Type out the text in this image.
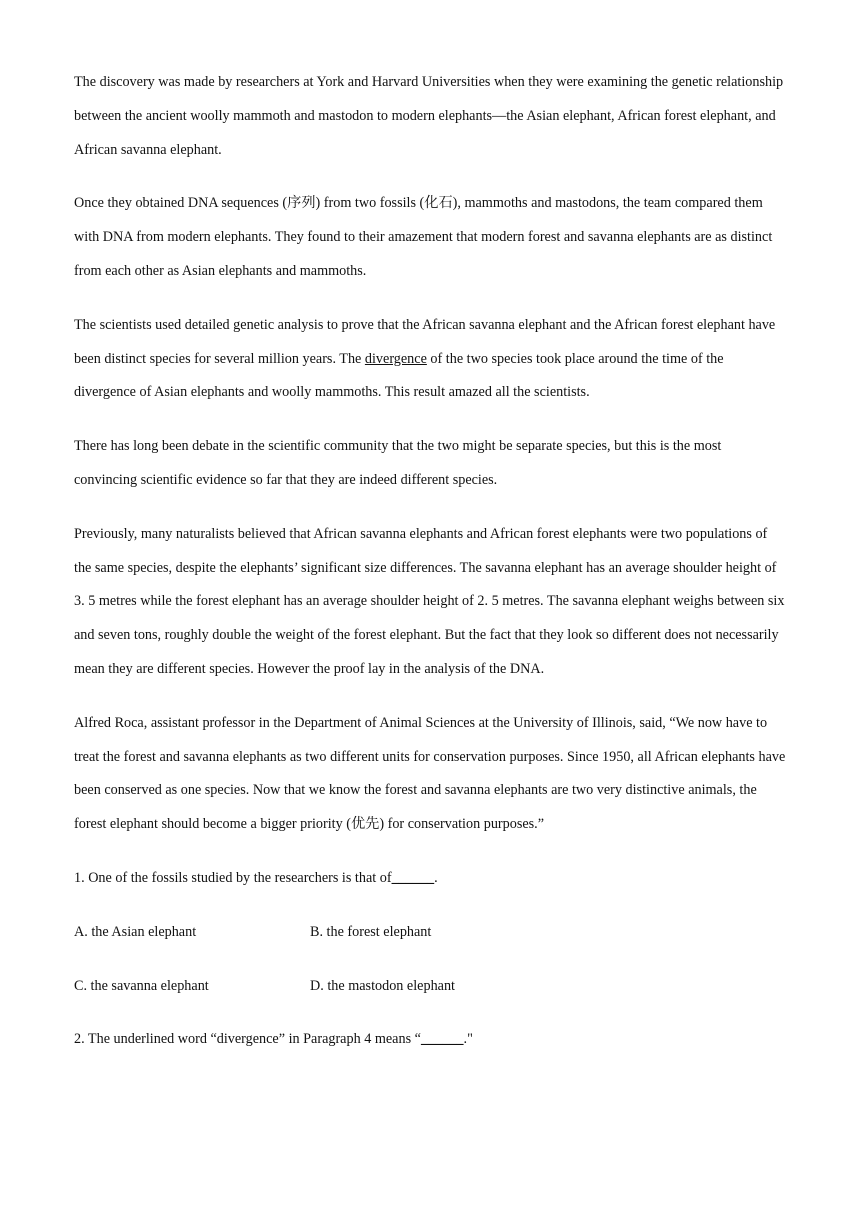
The discovery was made by researchers at York and Harvard Universities when they were examining the genetic relationship between the ancient woolly mammoth and mastodon to modern elephants—the Asian elephant, African forest elephant, and African savanna elephant.

Once they obtained DNA sequences (序列) from two fossils (化石), mammoths and mastodons, the team compared them with DNA from modern elephants. They found to their amazement that modern forest and savanna elephants are as distinct from each other as Asian elephants and mammoths.

The scientists used detailed genetic analysis to prove that the African savanna elephant and the African forest elephant have been distinct species for several million years. The divergence of the two species took place around the time of the divergence of Asian elephants and woolly mammoths. This result amazed all the scientists.

There has long been debate in the scientific community that the two might be separate species, but this is the most convincing scientific evidence so far that they are indeed different species.

Previously, many naturalists believed that African savanna elephants and African forest elephants were two populations of the same species, despite the elephants’ significant size differences. The savanna elephant has an average shoulder height of 3. 5 metres while the forest elephant has an average shoulder height of 2. 5 metres. The savanna elephant weighs between six and seven tons, roughly double the weight of the forest elephant. But the fact that they look so different does not necessarily mean they are different species. However the proof lay in the analysis of the DNA.

Alfred Roca, assistant professor in the Department of Animal Sciences at the University of Illinois, said, “We now have to treat the forest and savanna elephants as two different units for conservation purposes. Since 1950, all African elephants have been conserved as one species. Now that we know the forest and savanna elephants are two very distinctive animals, the forest elephant should become a bigger priority (优先) for conservation purposes.”

1. One of the fossils studied by the researchers is that of______.

A. the Asian elephant	B. the forest elephant

C. the savanna elephant	D. the mastodon elephant

2. The underlined word “divergence” in Paragraph 4 means “______."
